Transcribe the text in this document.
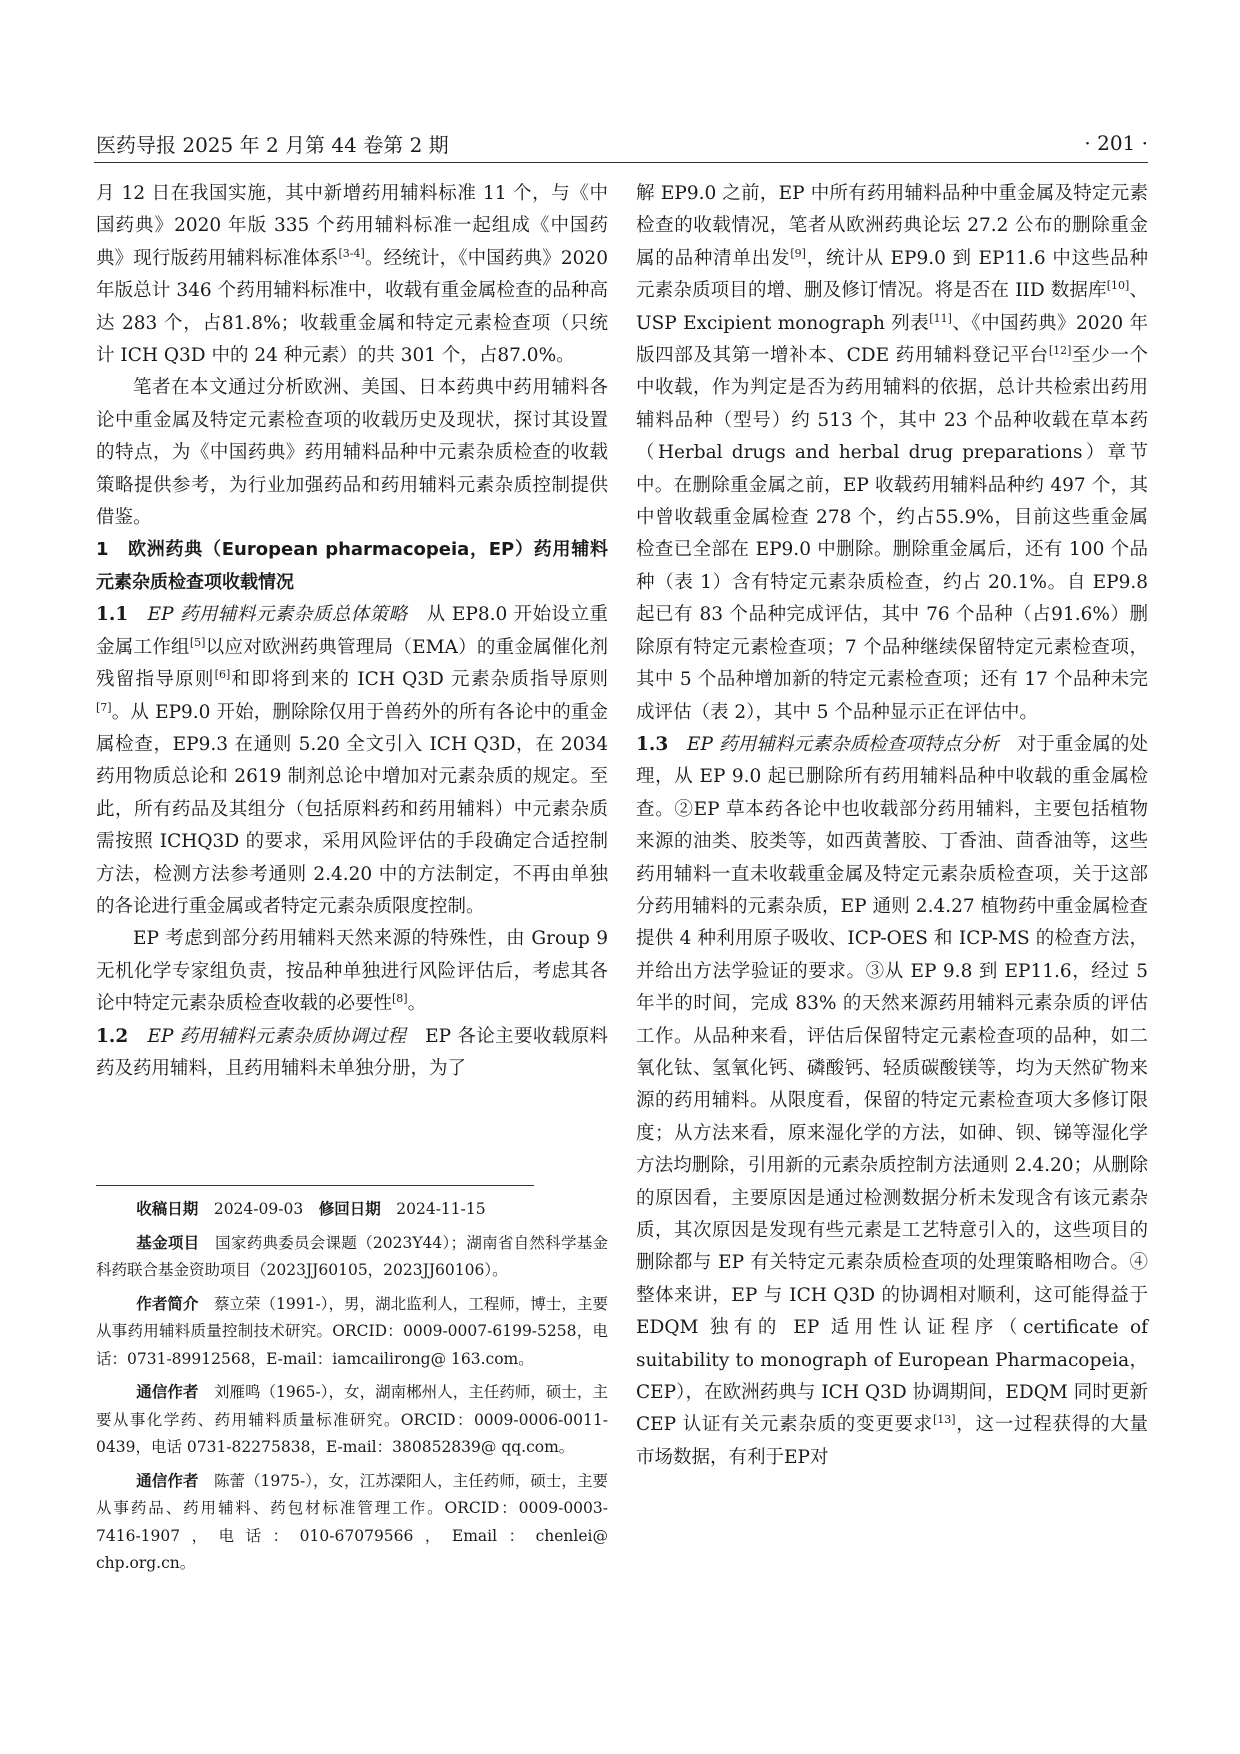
医药导报 2025 年 2 月第 44 卷第 2 期	· 201 ·

月 12 日在我国实施，其中新增药用辅料标准 11 个，与《中国药典》2020 年版 335 个药用辅料标准一起组成《中国药典》现行版药用辅料标准体系[3-4]。经统计，《中国药典》2020 年版总计 346 个药用辅料标准中，收载有重金属检查的品种高达 283 个，占81.8%；收载重金属和特定元素检查项（只统计 ICH Q3D 中的 24 种元素）的共 301 个，占87.0%。

笔者在本文通过分析欧洲、美国、日本药典中药用辅料各论中重金属及特定元素检查项的收载历史及现状，探讨其设置的特点，为《中国药典》药用辅料品种中元素杂质检查的收载策略提供参考，为行业加强药品和药用辅料元素杂质控制提供借鉴。

1　欧洲药典（European pharmacopeia，EP）药用辅料元素杂质检查项收载情况

1.1　 EP 药用辅料元素杂质总体策略　 从 EP8.0 开始设立重金属工作组[5]以应对欧洲药典管理局（EMA）的重金属催化剂残留指导原则[6]和即将到来的 ICH Q3D 元素杂质指导原则[7]。从 EP9.0 开始，删除除仅用于兽药外的所有各论中的重金属检查，EP9.3 在通则 5.20 全文引入 ICH Q3D，在 2034 药用物质总论和 2619 制剂总论中增加对元素杂质的规定。至此，所有药品及其组分（包括原料药和药用辅料）中元素杂质需按照 ICHQ3D 的要求，采用风险评估的手段确定合适控制方法，检测方法参考通则 2.4.20 中的方法制定，不再由单独的各论进行重金属或者特定元素杂质限度控制。

EP 考虑到部分药用辅料天然来源的特殊性，由 Group 9 无机化学专家组负责，按品种单独进行风险评估后，考虑其各论中特定元素杂质检查收载的必要性[8]。

1.2　 EP 药用辅料元素杂质协调过程　 EP 各论主要收载原料药及药用辅料，且药用辅料未单独分册，为了

收稿日期　 2024-09-03　 修回日期　 2024-11-15

基金项目　 国家药典委员会课题（2023Y44）；湖南省自然科学基金科药联合基金资助项目（2023JJ60105，2023JJ60106）。

作者简介　 蔡立荣（1991-），男，湖北监利人，工程师，博士，主要从事药用辅料质量控制技术研究。ORCID：0009-0007-6199-5258，电话：0731-89912568，E-mail：iamcailirong@ 163.com。

通信作者　 刘雁鸣（1965-），女，湖南郴州人，主任药师，硕士，主要从事化学药、药用辅料质量标准研究。ORCID：0009-0006-0011-0439，电话 0731-82275838，E-mail：380852839@ qq.com。

通信作者　 陈蕾（1975-），女，江苏溧阳人，主任药师，硕士，主要从事药品、药用辅料、药包材标准管理工作。ORCID：0009-0003-7416-1907，电话：010-67079566，Email：chenlei@ chp.org.cn。

解 EP9.0 之前，EP 中所有药用辅料品种中重金属及特定元素检查的收载情况，笔者从欧洲药典论坛 27.2 公布的删除重金属的品种清单出发[9]，统计从 EP9.0 到 EP11.6 中这些品种元素杂质项目的增、删及修订情况。将是否在 IID 数据库[10]、USP Excipient monograph 列表[11]、《中国药典》2020 年版四部及其第一增补本、CDE 药用辅料登记平台[12]至少一个中收载，作为判定是否为药用辅料的依据，总计共检索出药用辅料品种（型号）约 513 个，其中 23 个品种收载在草本药（Herbal drugs and herbal drug preparations）章节中。在删除重金属之前，EP 收载药用辅料品种约 497 个，其中曾收载重金属检查 278 个，约占55.9%，目前这些重金属检查已全部在 EP9.0 中删除。删除重金属后，还有 100 个品种（表 1）含有特定元素杂质检查，约占 20.1%。自 EP9.8 起已有 83 个品种完成评估，其中 76 个品种（占91.6%）删除原有特定元素检查项；7 个品种继续保留特定元素检查项，其中 5 个品种增加新的特定元素检查项；还有 17 个品种未完成评估（表 2），其中 5 个品种显示正在评估中。

1.3　 EP 药用辅料元素杂质检查项特点分析　 对于重金属的处理，从 EP 9.0 起已删除所有药用辅料品种中收载的重金属检查。②EP 草本药各论中也收载部分药用辅料，主要包括植物来源的油类、胶类等，如西黄蓍胶、丁香油、茴香油等，这些药用辅料一直未收载重金属及特定元素杂质检查项，关于这部分药用辅料的元素杂质，EP 通则 2.4.27 植物药中重金属检查提供 4 种利用原子吸收、ICP-OES 和 ICP-MS 的检查方法，并给出方法学验证的要求。③从 EP 9.8 到 EP11.6，经过 5 年半的时间，完成 83% 的天然来源药用辅料元素杂质的评估工作。从品种来看，评估后保留特定元素检查项的品种，如二氧化钛、氢氧化钙、磷酸钙、轻质碳酸镁等，均为天然矿物来源的药用辅料。从限度看，保留的特定元素检查项大多修订限度；从方法来看，原来湿化学的方法，如砷、钡、锑等湿化学方法均删除，引用新的元素杂质控制方法通则 2.4.20；从删除的原因看，主要原因是通过检测数据分析未发现含有该元素杂质，其次原因是发现有些元素是工艺特意引入的，这些项目的删除都与 EP 有关特定元素杂质检查项的处理策略相吻合。④整体来讲，EP 与 ICH Q3D 的协调相对顺利，这可能得益于 EDQM 独有的 EP 适用性认证程序（certificate of suitability to monograph of European Pharmacopeia，CEP），在欧洲药典与 ICH Q3D 协调期间，EDQM 同时更新 CEP 认证有关元素杂质的变更要求[13]，这一过程获得的大量市场数据，有利于EP对
